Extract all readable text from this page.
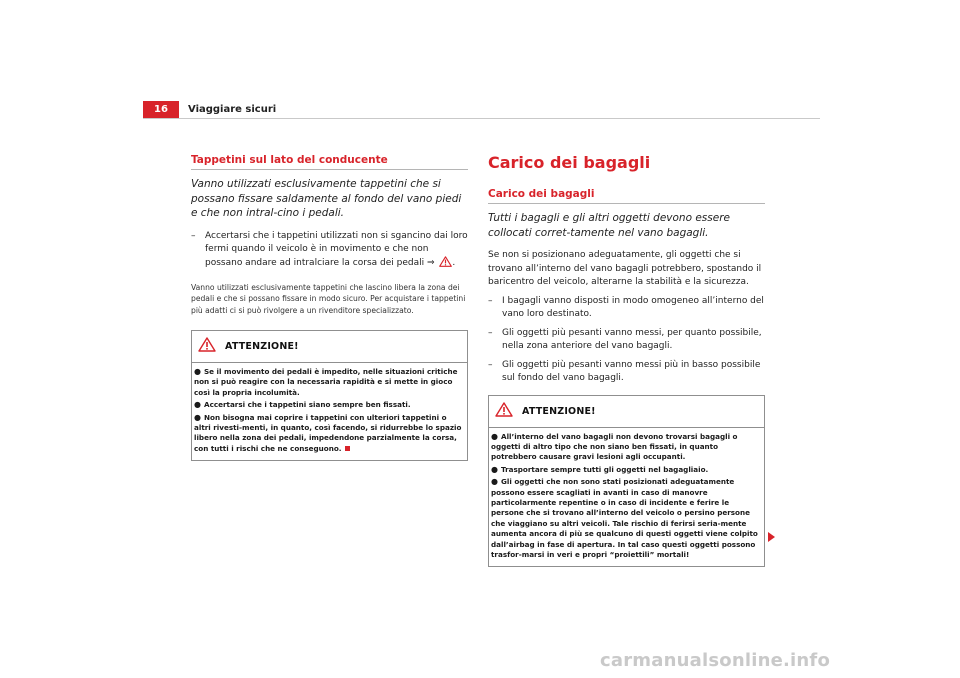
16	Viaggiare sicuri
Tappetini sul lato del conducente
Vanno utilizzati esclusivamente tappetini che si possano fissare saldamente al fondo del vano piedi e che non intral-cino i pedali.
– Accertarsi che i tappetini utilizzati non si sgancino dai loro fermi quando il veicolo è in movimento e che non possano andare ad intralciare la corsa dei pedali ⇒ .
Vanno utilizzati esclusivamente tappetini che lascino libera la zona dei pedali e che si possano fissare in modo sicuro. Per acquistare i tappetini più adatti ci si può rivolgere a un rivenditore specializzato.
ATTENZIONE!

● Se il movimento dei pedali è impedito, nelle situazioni critiche non si può reagire con la necessaria rapidità e si mette in gioco così la propria incolumità.

● Accertarsi che i tappetini siano sempre ben fissati.

● Non bisogna mai coprire i tappetini con ulteriori tappetini o altri rivesti-menti, in quanto, così facendo, si ridurrebbe lo spazio libero nella zona dei pedali, impedendone parzialmente la corsa, con tutti i rischi che ne conseguono.

Carico dei bagagli
Carico dei bagagli
Tutti i bagagli e gli altri oggetti devono essere collocati corret-tamente nel vano bagagli.
Se non si posizionano adeguatamente, gli oggetti che si trovano all’interno del vano bagagli potrebbero, spostando il baricentro del veicolo, alterarne la stabilità e la sicurezza.
– I bagagli vanno disposti in modo omogeneo all’interno del vano loro destinato.
– Gli oggetti più pesanti vanno messi, per quanto possibile, nella zona anteriore del vano bagagli.
– Gli oggetti più pesanti vanno messi più in basso possibile sul fondo del vano bagagli.
ATTENZIONE!

● All’interno del vano bagagli non devono trovarsi bagagli o oggetti di altro tipo che non siano ben fissati, in quanto potrebbero causare gravi lesioni agli occupanti.

● Trasportare sempre tutti gli oggetti nel bagagliaio.

● Gli oggetti che non sono stati posizionati adeguatamente possono essere scagliati in avanti in caso di manovre particolarmente repentine o in caso di incidente e ferire le persone che si trovano all’interno del veicolo o persino persone che viaggiano su altri veicoli. Tale rischio di ferirsi seria-mente aumenta ancora di più se qualcuno di questi oggetti viene colpito dall’airbag in fase di apertura. In tal caso questi oggetti possono trasfor-marsi in veri e propri “proiettili” mortali!

carmanualsonline.info
